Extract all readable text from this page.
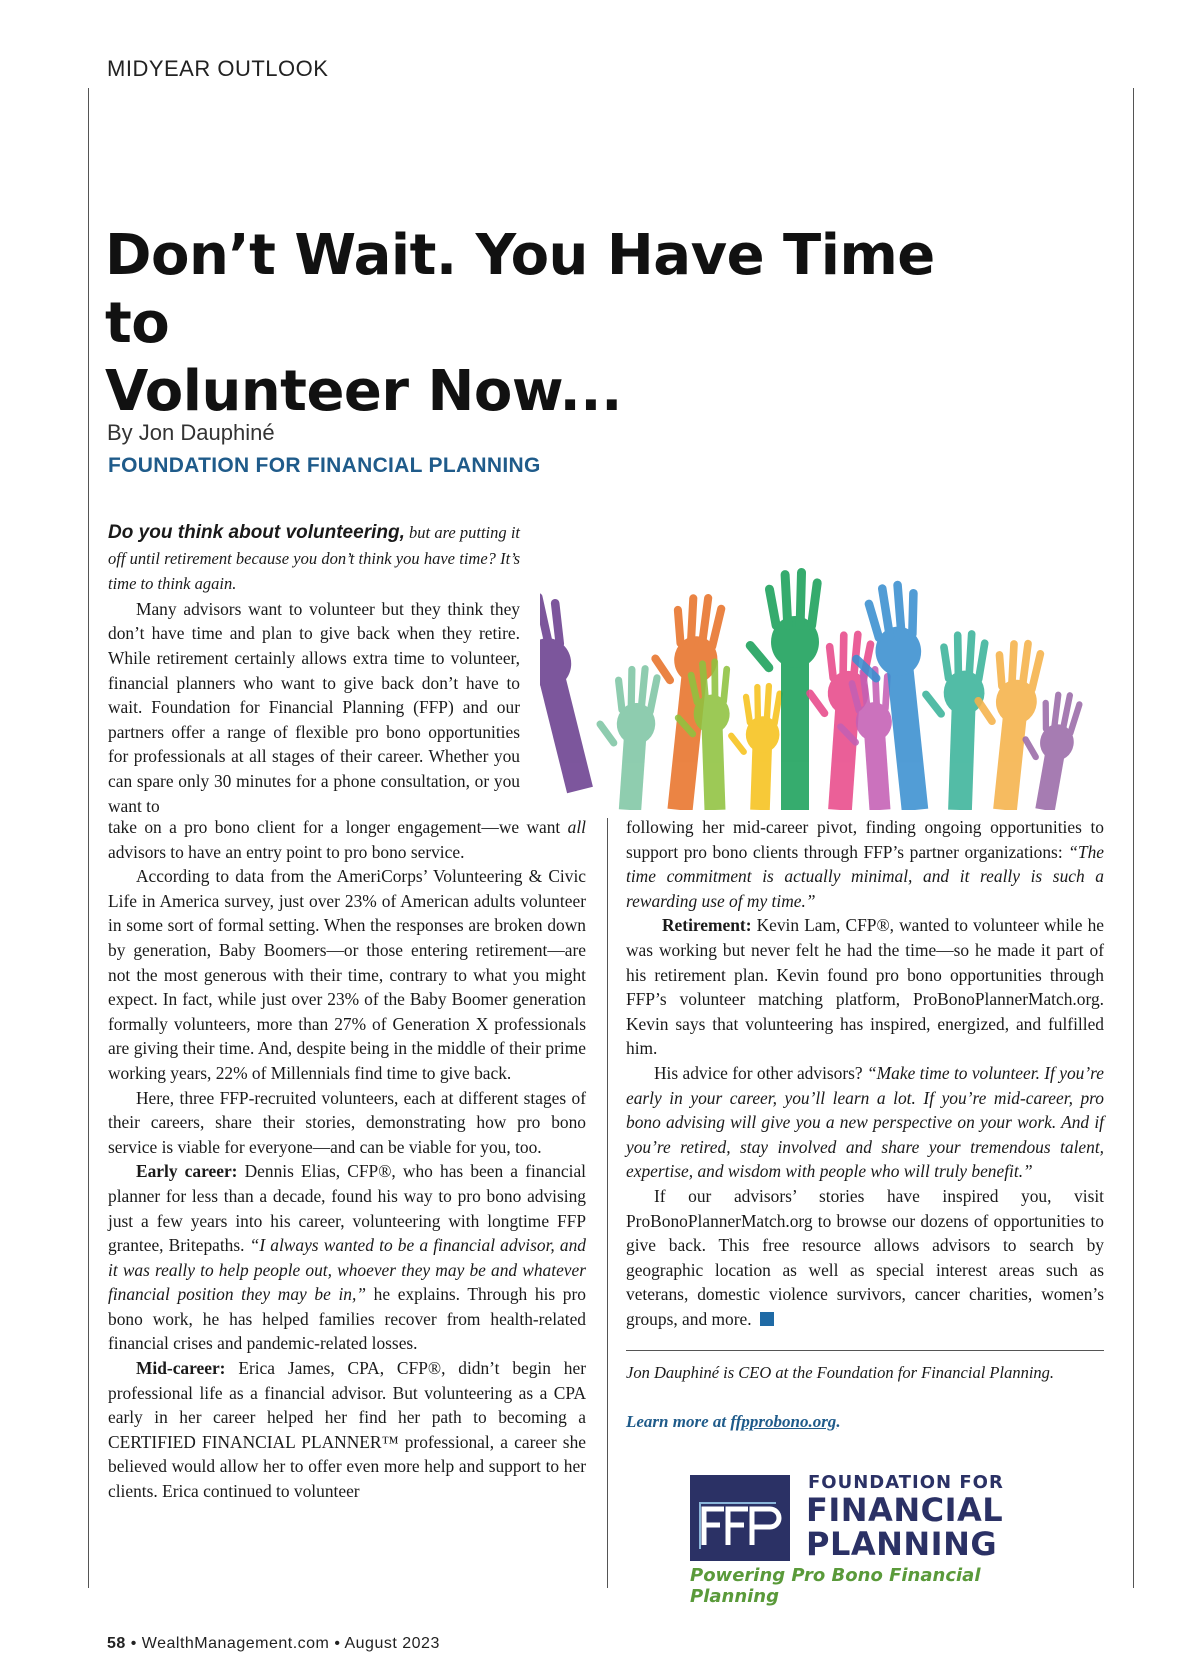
MIDYEAR OUTLOOK
Don’t Wait. You Have Time to
Volunteer Now...
By Jon Dauphiné
FOUNDATION FOR FINANCIAL PLANNING

Do you think about volunteering, but are putting it off until retirement because you don’t think you have time? It’s time to think again.

Many advisors want to volunteer but they think they don’t have time and plan to give back when they retire. While retirement certainly allows extra time to volunteer, financial planners who want to give back don’t have to wait. Foundation for Financial Planning (FFP) and our partners offer a range of flexible pro bono opportunities for professionals at all stages of their career. Whether you can spare only 30 minutes for a phone consultation, or you want to

take on a pro bono client for a longer engagement—we want all advisors to have an entry point to pro bono service.

According to data from the AmeriCorps’ Volunteering & Civic Life in America survey, just over 23% of American adults volunteer in some sort of formal setting. When the responses are broken down by generation, Baby Boomers—or those entering retirement—are not the most generous with their time, contrary to what you might expect. In fact, while just over 23% of the Baby Boomer generation formally volunteers, more than 27% of Generation X professionals are giving their time. And, despite being in the middle of their prime working years, 22% of Millennials find time to give back.

Here, three FFP-recruited volunteers, each at different stages of their careers, share their stories, demonstrating how pro bono service is viable for everyone—and can be viable for you, too.

Early career: Dennis Elias, CFP®, who has been a financial planner for less than a decade, found his way to pro bono advising just a few years into his career, volunteering with longtime FFP grantee, Britepaths. “I always wanted to be a financial advisor, and it was really to help people out, whoever they may be and whatever financial position they may be in,” he explains. Through his pro bono work, he has helped families recover from health-related financial crises and pandemic-related losses.

Mid-career: Erica James, CPA, CFP®, didn’t begin her professional life as a financial advisor. But volunteering as a CPA early in her career helped her find her path to becoming a CERTIFIED FINANCIAL PLANNER™ professional, a career she believed would allow her to offer even more help and support to her clients. Erica continued to volunteer

following her mid-career pivot, finding ongoing opportunities to support pro bono clients through FFP’s partner organizations: “The time commitment is actually minimal, and it really is such a rewarding use of my time.”

Retirement: Kevin Lam, CFP®, wanted to volunteer while he was working but never felt he had the time—so he made it part of his retirement plan. Kevin found pro bono opportunities through FFP’s volunteer matching platform, ProBonoPlannerMatch.org. Kevin says that volunteering has inspired, energized, and fulfilled him.

His advice for other advisors? “Make time to volunteer. If you’re early in your career, you’ll learn a lot. If you’re mid-career, pro bono advising will give you a new perspective on your work. And if you’re retired, stay involved and share your tremendous talent, expertise, and wisdom with people who will truly benefit.”

If our advisors’ stories have inspired you, visit ProBonoPlannerMatch.org to browse our dozens of opportunities to give back. This free resource allows advisors to search by geographic location as well as special interest areas such as veterans, domestic violence survivors, cancer charities, women’s groups, and more.

Jon Dauphiné is CEO at the Foundation for Financial Planning.
Learn more at ffpprobono.org.
FOUNDATION FOR
FINANCIAL
PLANNING
Powering Pro Bono Financial Planning
58 • WealthManagement.com • August 2023
